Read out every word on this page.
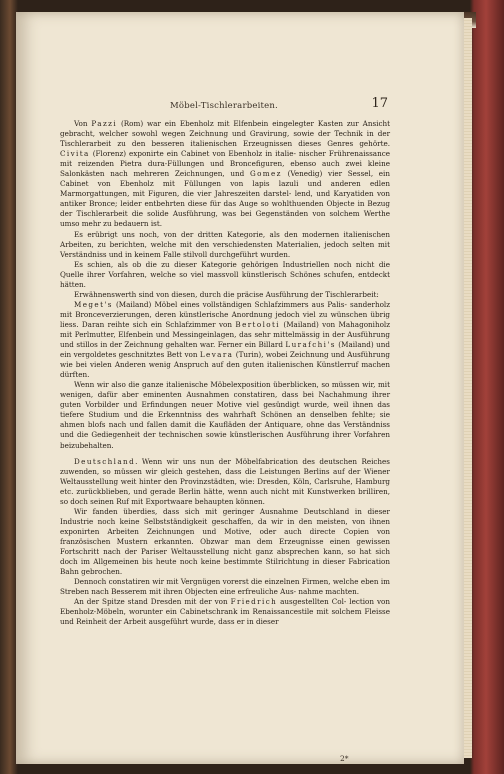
Möbel-Tischlerarbeiten.	17

Von Pazzi (Rom) war ein Ebenholz mit Elfenbein eingelegter Kasten zur Ansicht gebracht, welcher sowohl wegen Zeichnung und Gravirung, sowie der Technik in der Tischlerarbeit zu den besseren italienischen Erzeugnissen dieses Genres gehörte. Civita (Florenz) exponirte ein Cabinet von Ebenholz in italie- nischer Frührenaissance mit reizenden Pietra dura-Füllungen und Broncefiguren, ebenso auch zwei kleine Salonkästen nach mehreren Zeichnungen, und Gomez (Venedig) vier Sessel, ein Cabinet von Ebenholz mit Füllungen von lapis lazuli und anderen edlen Marmorgattungen, mit Figuren, die vier Jahreszeiten darstel- lend, und Karyatiden von antiker Bronce; leider entbehrten diese für das Auge so wohlthuenden Objecte in Bezug der Tischlerarbeit die solide Ausführung, was bei Gegenständen von solchem Werthe umso mehr zu bedauern ist.

Es erübrigt uns noch, von der dritten Kategorie, als den modernen italienischen Arbeiten, zu berichten, welche mit den verschiedensten Materialien, jedoch selten mit Verständniss und in keinem Falle stilvoll durchgeführt wurden.

Es schien, als ob die zu dieser Kategorie gehörigen Industriellen noch nicht die Quelle ihrer Vorfahren, welche so viel massvoll künstlerisch Schönes schufen, entdeckt hätten.

Erwähnenswerth sind von diesen, durch die präcise Ausführung der Tischlerarbeit:

Meget's (Mailand) Möbel eines vollständigen Schlafzimmers aus Palis- sanderholz mit Bronceverzierungen, deren künstlerische Anordnung jedoch viel zu wünschen übrig liess. Daran reihte sich ein Schlafzimmer von Bertoloti (Mailand) von Mahagoniholz mit Perlmutter, Elfenbein und Messingeinlagen, das sehr mittelmässig in der Ausführung und stillos in der Zeichnung gehalten war. Ferner ein Billard Lurafchi's (Mailand) und ein vergoldetes geschnitztes Bett von Levara (Turin), wobei Zeichnung und Ausführung wie bei vielen Anderen wenig Anspruch auf den guten italienischen Künstlerruf machen dürften.

Wenn wir also die ganze italienische Möbelexposition überblicken, so müssen wir, mit wenigen, dafür aber eminenten Ausnahmen constatiren, dass bei Nachahmung ihrer guten Vorbilder und Erfindungen neuer Motive viel gesündigt wurde, weil ihnen das tiefere Studium und die Erkenntniss des wahrhaft Schönen an denselben fehlte; sie ahmen blofs nach und fallen damit die Kaufläden der Antiquare, ohne das Verständniss und die Gediegenheit der technischen sowie künstlerischen Ausführung ihrer Vorfahren beizubehalten.

Deutschland. Wenn wir uns nun der Möbelfabrication des deutschen Reiches zuwenden, so müssen wir gleich gestehen, dass die Leistungen Berlins auf der Wiener Weltausstellung weit hinter den Provinzstädten, wie: Dresden, Köln, Carlsruhe, Hamburg etc. zurückblieben, und gerade Berlin hätte, wenn auch nicht mit Kunstwerken brilliren, so doch seinen Ruf mit Exportwaare behaupten können.

Wir fanden überdies, dass sich mit geringer Ausnahme Deutschland in dieser Industrie noch keine Selbstständigkeit geschaffen, da wir in den meisten, von ihnen exponirten Arbeiten Zeichnungen und Motive, oder auch directe Copien von französischen Mustern erkannten. Obzwar man dem Erzeugnisse einen gewissen Fortschritt nach der Pariser Weltausstellung nicht ganz absprechen kann, so hat sich doch im Allgemeinen bis heute noch keine bestimmte Stilrichtung in dieser Fabrication Bahn gebrochen.

Dennoch constatiren wir mit Vergnügen vorerst die einzelnen Firmen, welche eben im Streben nach Besserem mit ihren Objecten eine erfreuliche Aus- nahme machten.

An der Spitze stand Dresden mit der von Friedrich ausgestellten Col- lection von Ebenholz-Möbeln, worunter ein Cabinetschrank im Renaissancestile mit solchem Fleisse und Reinheit der Arbeit ausgeführt wurde, dass er in dieser

2*
